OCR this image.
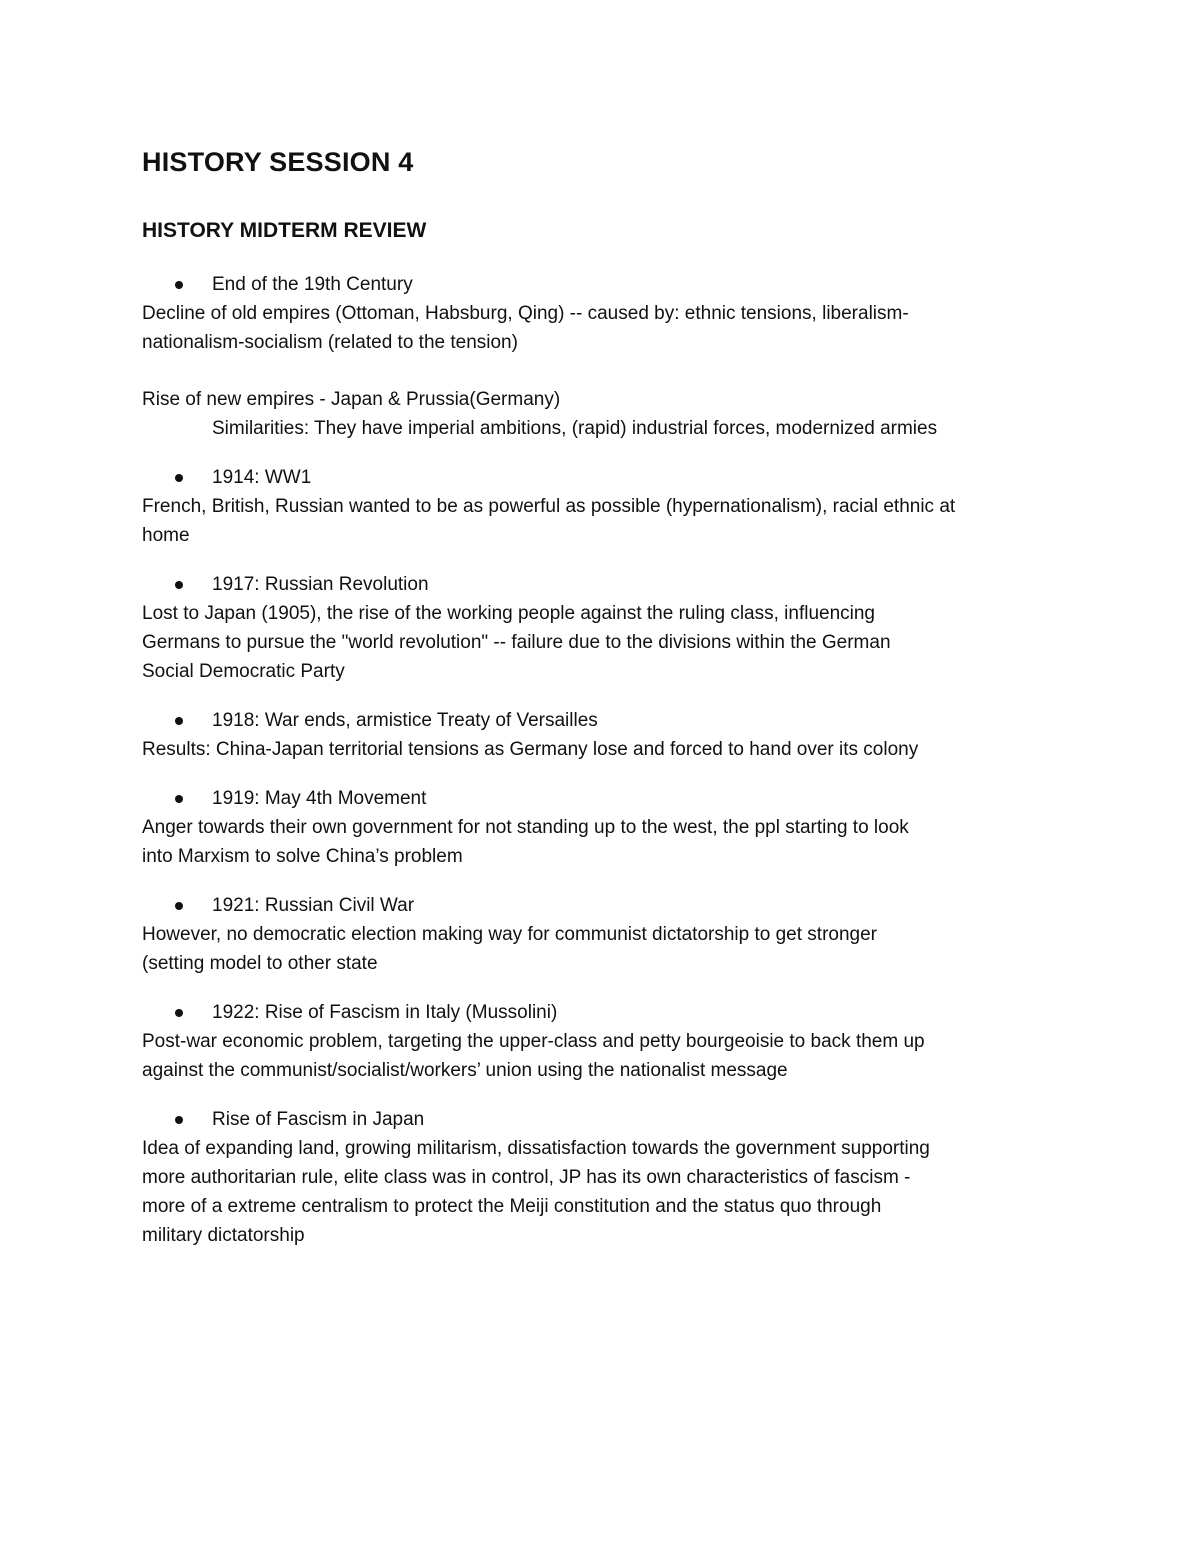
HISTORY SESSION 4
HISTORY MIDTERM REVIEW
End of the 19th Century

Decline of old empires (Ottoman, Habsburg, Qing) -- caused by: ethnic tensions, liberalism-

nationalism-socialism (related to the tension)

Rise of new empires - Japan & Prussia(Germany)

Similarities: They have imperial ambitions, (rapid) industrial forces, modernized armies

1914: WW1

French, British, Russian wanted to be as powerful as possible (hypernationalism), racial ethnic at

home

1917: Russian Revolution

Lost to Japan (1905), the rise of the working people against the ruling class, influencing

Germans to pursue the "world revolution" -- failure due to the divisions within the German

Social Democratic Party

1918: War ends, armistice Treaty of Versailles

Results: China-Japan territorial tensions as Germany lose and forced to hand over its colony

1919: May 4th Movement

Anger towards their own government for not standing up to the west, the ppl starting to look

into Marxism to solve China’s problem

1921: Russian Civil War

However, no democratic election making way for communist dictatorship to get stronger

(setting model to other state

1922: Rise of Fascism in Italy (Mussolini)

Post-war economic problem, targeting the upper-class and petty bourgeoisie to back them up

against the communist/socialist/workers’ union using the nationalist message

Rise of Fascism in Japan

Idea of expanding land, growing militarism, dissatisfaction towards the government supporting

more authoritarian rule, elite class was in control, JP has its own characteristics of fascism -

more of a extreme centralism to protect the Meiji constitution and the status quo through

military dictatorship
